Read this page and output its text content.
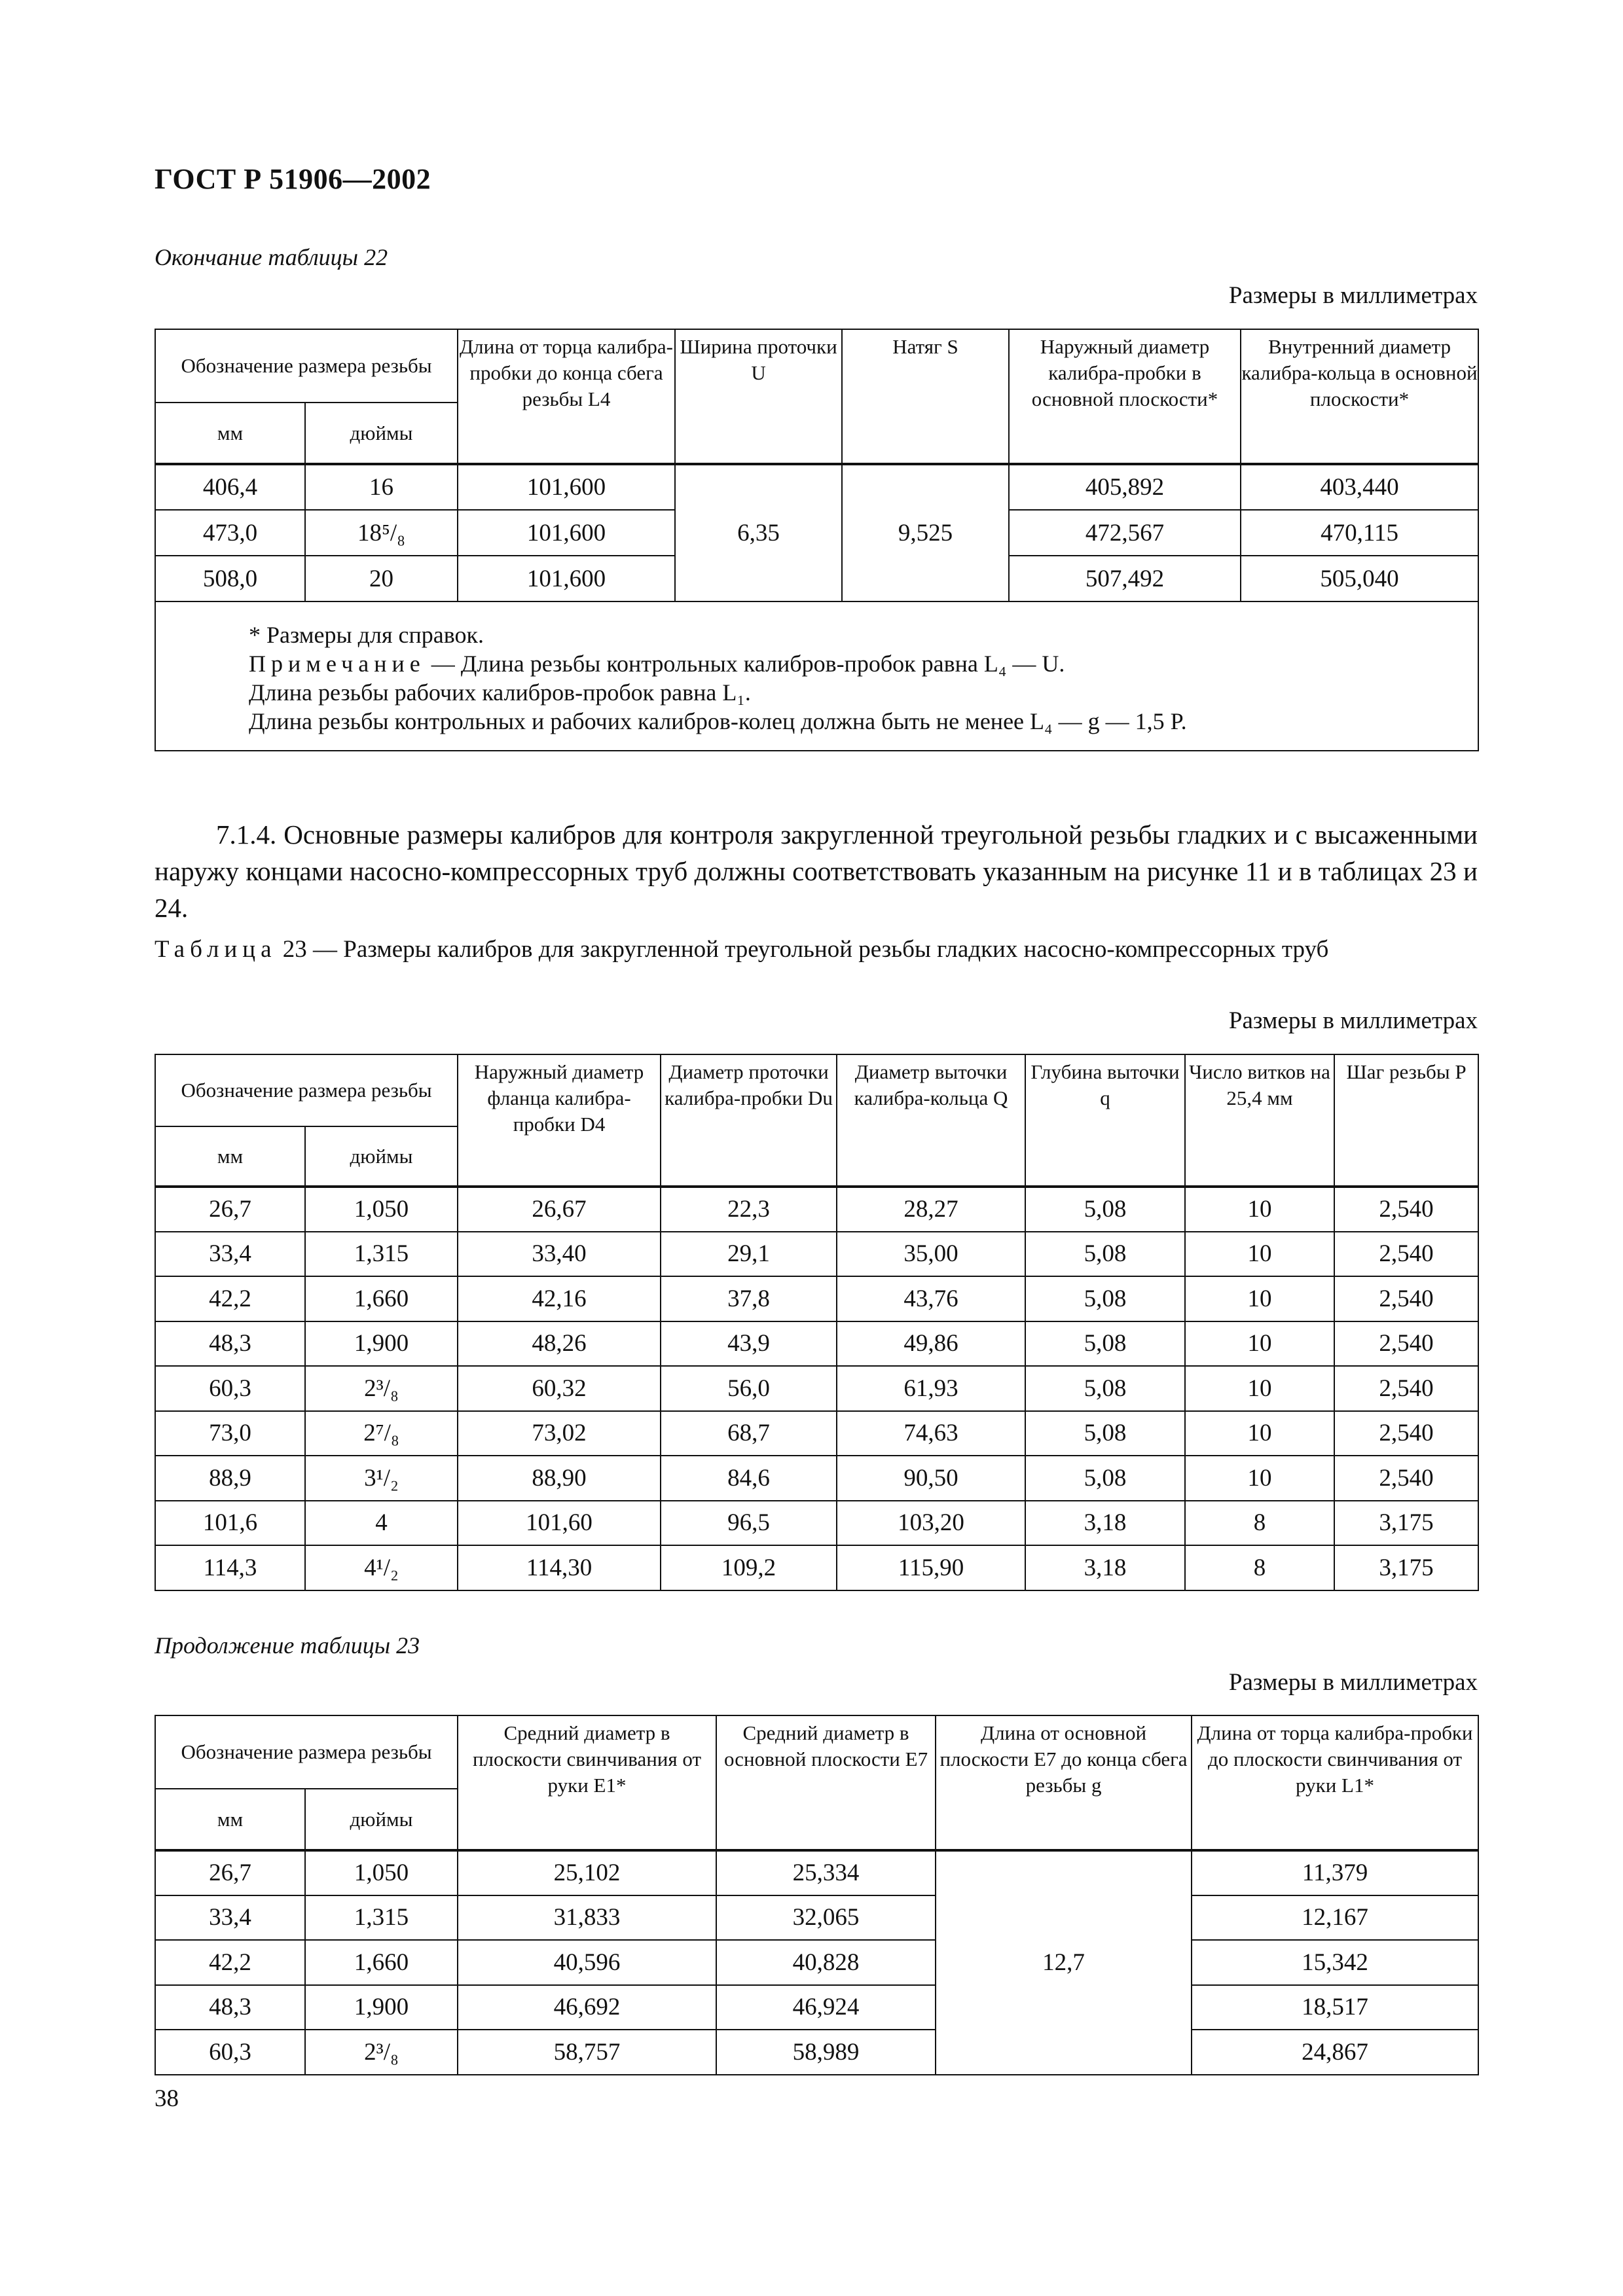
ГОСТ Р 51906—2002
Окончание таблицы 22
Размеры в миллиметрах
Обозначение размера резьбы		Длина от торца калибра-пробки до конца сбега резьбы L4	Ширина проточки U	Натяг S	Наружный диаметр калибра-пробки в основной плоскости*	Внутренний диаметр калибра-кольца в основной плоскости*
мм	дюймы					
406,4	16	101,600	6,35	9,525	405,892	403,440
473,0	18⁵/₈	101,600			472,567	470,115
508,0	20	101,600			507,492	505,040

* Размеры для справок.
Примечание — Длина резьбы контрольных калибров-пробок равна L₄ — U.
Длина резьбы рабочих калибров-пробок равна L₁.
Длина резьбы контрольных и рабочих калибров-колец должна быть не менее L₄ — g — 1,5 P.						
7.1.4. Основные размеры калибров для контроля закругленной треугольной резьбы гладких и с высаженными наружу концами насосно-компрессорных труб должны соответствовать указанным на рисунке 11 и в таблицах 23 и 24.
Таблица 23 — Размеры калибров для закругленной треугольной резьбы гладких насосно-компрессорных труб
Размеры в миллиметрах
Обозначение размера резьбы		Наружный диаметр фланца калибра-пробки D4	Диаметр проточки калибра-пробки Du	Диаметр выточки калибра-кольца Q	Глубина выточки q	Число витков на 25,4 мм	Шаг резьбы P
мм	дюймы						
26,7	1,050	26,67	22,3	28,27	5,08	10	2,540
33,4	1,315	33,40	29,1	35,00	5,08	10	2,540
42,2	1,660	42,16	37,8	43,76	5,08	10	2,540
48,3	1,900	48,26	43,9	49,86	5,08	10	2,540
60,3	2³/₈	60,32	56,0	61,93	5,08	10	2,540
73,0	2⁷/₈	73,02	68,7	74,63	5,08	10	2,540
88,9	3¹/₂	88,90	84,6	90,50	5,08	10	2,540
101,6	4	101,60	96,5	103,20	3,18	8	3,175
114,3	4¹/₂	114,30	109,2	115,90	3,18	8	3,175
Продолжение таблицы 23
Размеры в миллиметрах
Обозначение размера резьбы		Средний диаметр в плоскости свинчивания от руки E1*	Средний диаметр в основной плоскости E7	Длина от основной плоскости E7 до конца сбега резьбы g	Длина от торца калибра-пробки до плоскости свинчивания от руки L1*
мм	дюймы				
26,7	1,050	25,102	25,334	12,7	11,379
33,4	1,315	31,833	32,065		12,167
42,2	1,660	40,596	40,828		15,342
48,3	1,900	46,692	46,924		18,517
60,3	2³/₈	58,757	58,989		24,867
38
